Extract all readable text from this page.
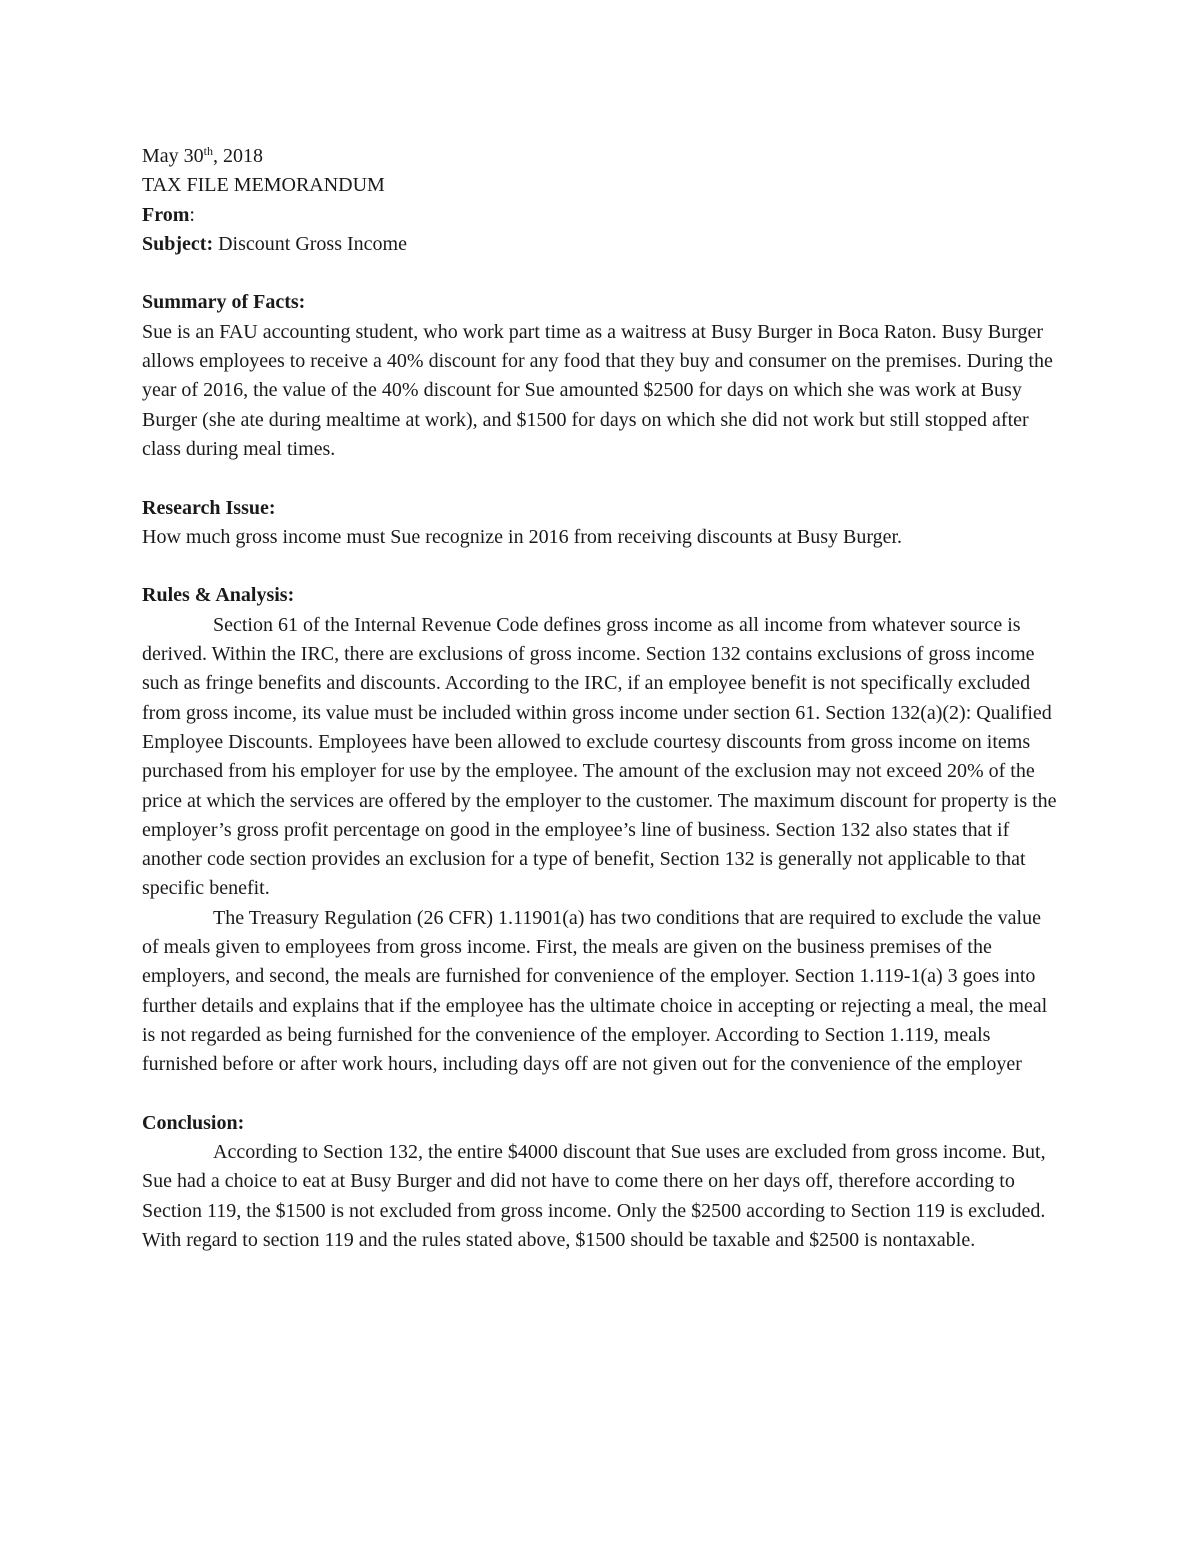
May 30th, 2018
TAX FILE MEMORANDUM
From:
Subject: Discount Gross Income
Summary of Facts:

Sue is an FAU accounting student, who work part time as a waitress at Busy Burger in Boca Raton. Busy Burger allows employees to receive a 40% discount for any food that they buy and consumer on the premises. During the year of 2016, the value of the 40% discount for Sue amounted $2500 for days on which she was work at Busy Burger (she ate during mealtime at work), and $1500 for days on which she did not work but still stopped after class during meal times.

Research Issue:

How much gross income must Sue recognize in 2016 from receiving discounts at Busy Burger.

Rules & Analysis:

Section 61 of the Internal Revenue Code defines gross income as all income from whatever source is derived. Within the IRC, there are exclusions of gross income. Section 132 contains exclusions of gross income such as fringe benefits and discounts. According to the IRC, if an employee benefit is not specifically excluded from gross income, its value must be included within gross income under section 61. Section 132(a)(2): Qualified Employee Discounts. Employees have been allowed to exclude courtesy discounts from gross income on items purchased from his employer for use by the employee. The amount of the exclusion may not exceed 20% of the price at which the services are offered by the employer to the customer. The maximum discount for property is the employer’s gross profit percentage on good in the employee’s line of business. Section 132 also states that if another code section provides an exclusion for a type of benefit, Section 132 is generally not applicable to that specific benefit.

The Treasury Regulation (26 CFR) 1.11901(a) has two conditions that are required to exclude the value of meals given to employees from gross income. First, the meals are given on the business premises of the employers, and second, the meals are furnished for convenience of the employer. Section 1.119-1(a) 3 goes into further details and explains that if the employee has the ultimate choice in accepting or rejecting a meal, the meal is not regarded as being furnished for the convenience of the employer. According to Section 1.119, meals furnished before or after work hours, including days off are not given out for the convenience of the employer

Conclusion:

According to Section 132, the entire $4000 discount that Sue uses are excluded from gross income. But, Sue had a choice to eat at Busy Burger and did not have to come there on her days off, therefore according to Section 119, the $1500 is not excluded from gross income. Only the $2500 according to Section 119 is excluded. With regard to section 119 and the rules stated above, $1500 should be taxable and $2500 is nontaxable.
